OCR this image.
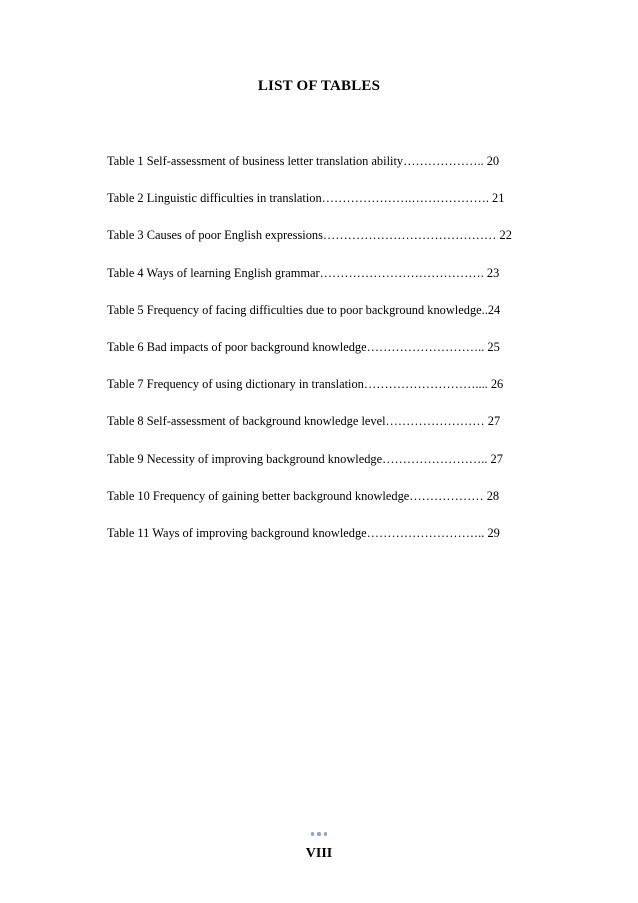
LIST OF TABLES
Table 1 Self-assessment of business letter translation ability……………….. 20
Table 2 Linguistic difficulties in translation………………….………………. 21
Table 3 Causes of poor English expressions…………………………………… 22
Table 4 Ways of learning English grammar…………………………………. 23
Table 5 Frequency of facing difficulties due to poor background knowledge..24
Table 6 Bad impacts of poor background knowledge……………………….. 25
Table 7 Frequency of using dictionary in translation……………………….... 26
Table 8 Self-assessment of background knowledge level…………………… 27
Table 9 Necessity of improving background knowledge…………………….. 27
Table 10 Frequency of gaining better background knowledge……………… 28
Table 11 Ways of improving background knowledge……………………….. 29
VIII
